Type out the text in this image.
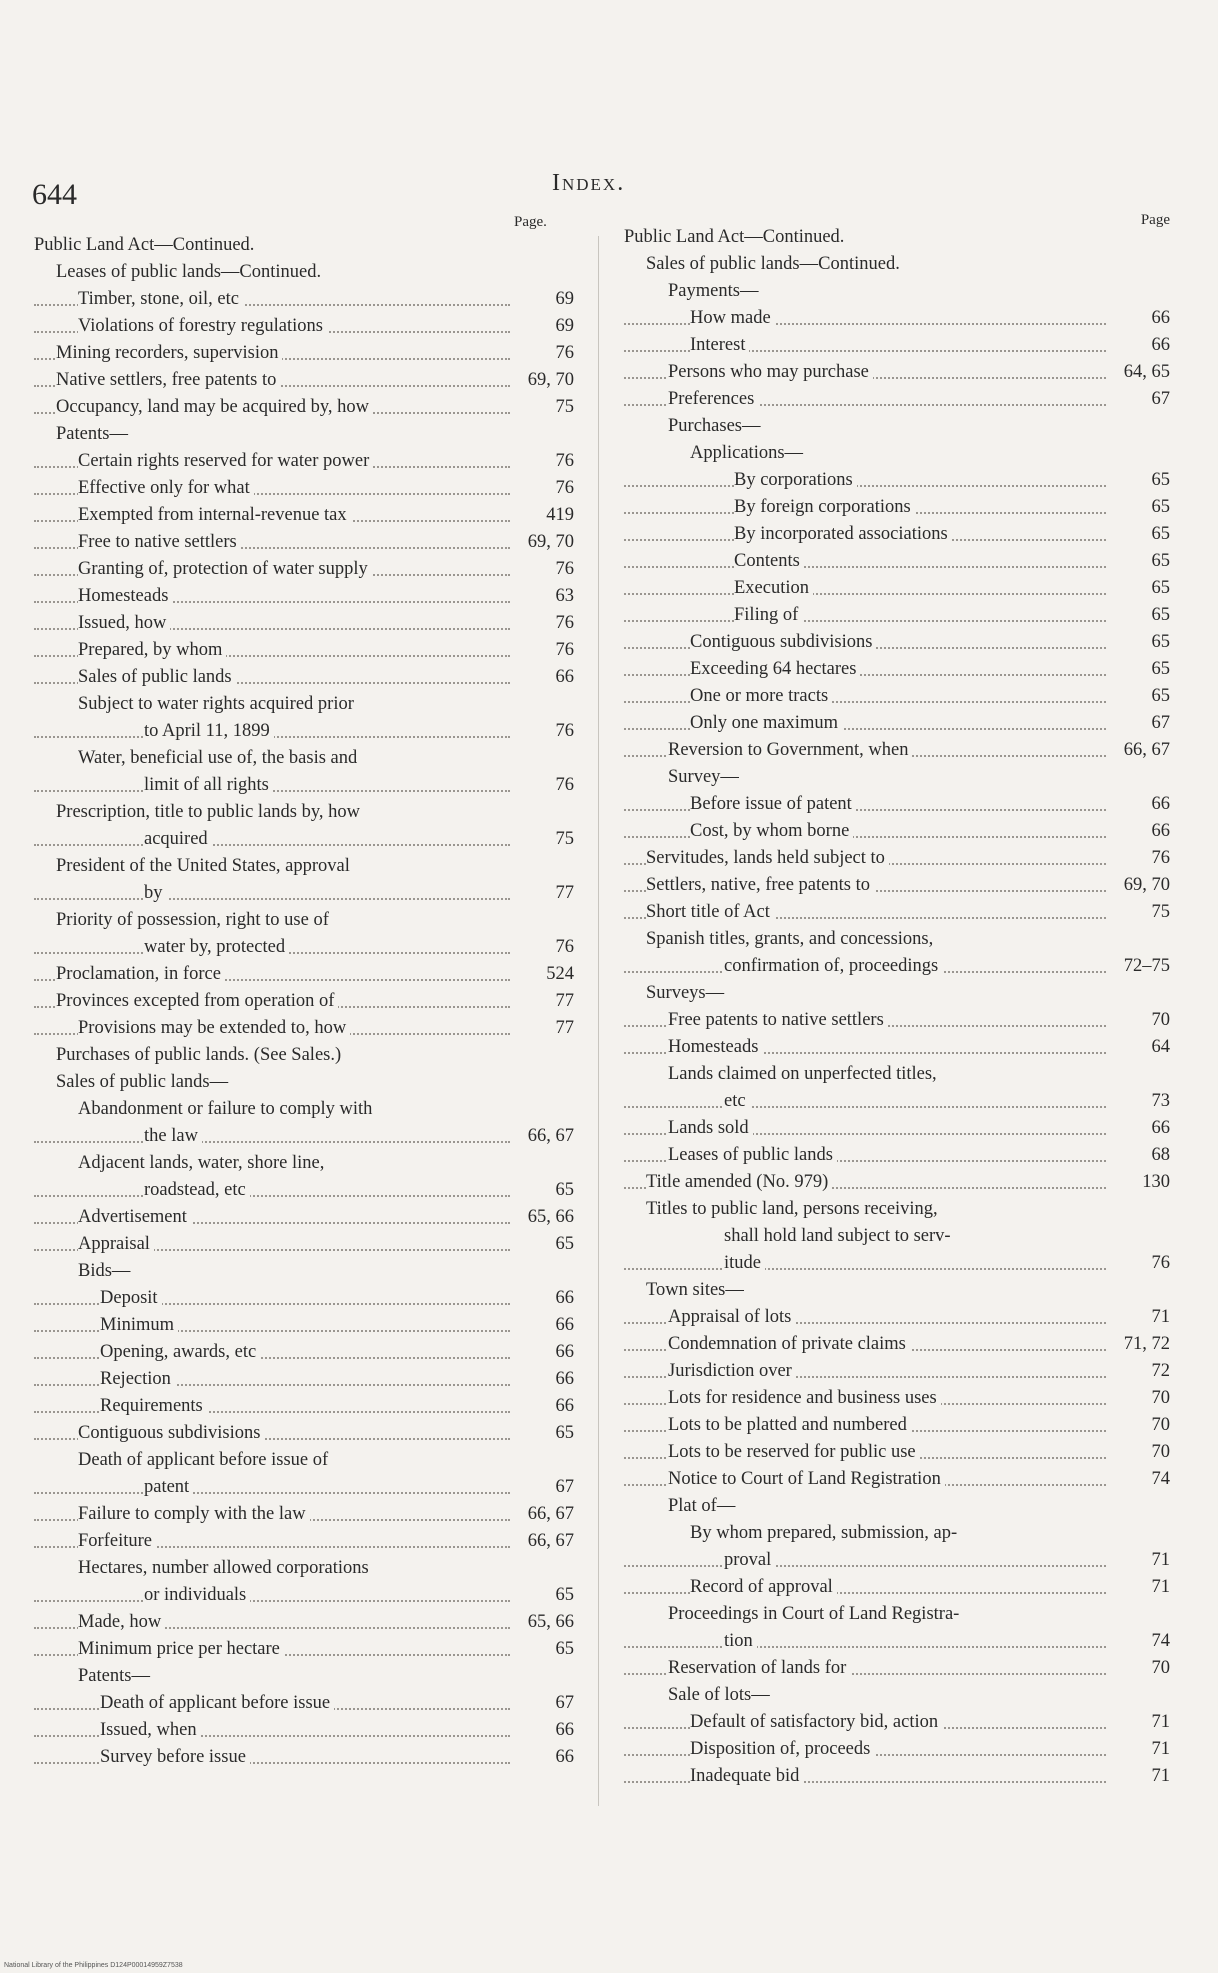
644	Index.
Page.
Public Land Act—Continued.
Leases of public lands—Continued.
Timber, stone, oil, etc	69
Violations of forestry regulations	69
Mining recorders, supervision	76
Native settlers, free patents to	69, 70
Occupancy, land may be acquired by, how	75
Patents—
Certain rights reserved for water power	76
Effective only for what	76
Exempted from internal-revenue tax	419
Free to native settlers	69, 70
Granting of, protection of water supply	76
Homesteads	63
Issued, how	76
Prepared, by whom	76
Sales of public lands	66
Subject to water rights acquired prior
to April 11, 1899	76
Water, beneficial use of, the basis and
limit of all rights	76
Prescription, title to public lands by, how
acquired	75
President of the United States, approval
by	77
Priority of possession, right to use of
water by, protected	76
Proclamation, in force	524
Provinces excepted from operation of	77
Provisions may be extended to, how	77
Purchases of public lands. (See Sales.)
Sales of public lands—
Abandonment or failure to comply with
the law	66, 67
Adjacent lands, water, shore line,
roadstead, etc	65
Advertisement	65, 66
Appraisal	65
Bids—
Deposit	66
Minimum	66
Opening, awards, etc	66
Rejection	66
Requirements	66
Contiguous subdivisions	65
Death of applicant before issue of
patent	67
Failure to comply with the law	66, 67
Forfeiture	66, 67
Hectares, number allowed corporations
or individuals	65
Made, how	65, 66
Minimum price per hectare	65
Patents—
Death of applicant before issue	67
Issued, when	66
Survey before issue	66
Page
Public Land Act—Continued.
Sales of public lands—Continued.
Payments—
How made	66
Interest	66
Persons who may purchase	64, 65
Preferences	67
Purchases—
Applications—
By corporations	65
By foreign corporations	65
By incorporated associations	65
Contents	65
Execution	65
Filing of	65
Contiguous subdivisions	65
Exceeding 64 hectares	65
One or more tracts	65
Only one maximum	67
Reversion to Government, when	66, 67
Survey—
Before issue of patent	66
Cost, by whom borne	66
Servitudes, lands held subject to	76
Settlers, native, free patents to	69, 70
Short title of Act	75
Spanish titles, grants, and concessions,
confirmation of, proceedings	72–75
Surveys—
Free patents to native settlers	70
Homesteads	64
Lands claimed on unperfected titles,
etc	73
Lands sold	66
Leases of public lands	68
Title amended (No. 979)	130
Titles to public land, persons receiving,
shall hold land subject to serv-
itude	76
Town sites—
Appraisal of lots	71
Condemnation of private claims	71, 72
Jurisdiction over	72
Lots for residence and business uses	70
Lots to be platted and numbered	70
Lots to be reserved for public use	70
Notice to Court of Land Registration	74
Plat of—
By whom prepared, submission, ap-
proval	71
Record of approval	71
Proceedings in Court of Land Registra-
tion	74
Reservation of lands for	70
Sale of lots—
Default of satisfactory bid, action	71
Disposition of, proceeds	71
Inadequate bid	71
National Library of the Philippines D124P00014959Z7538
